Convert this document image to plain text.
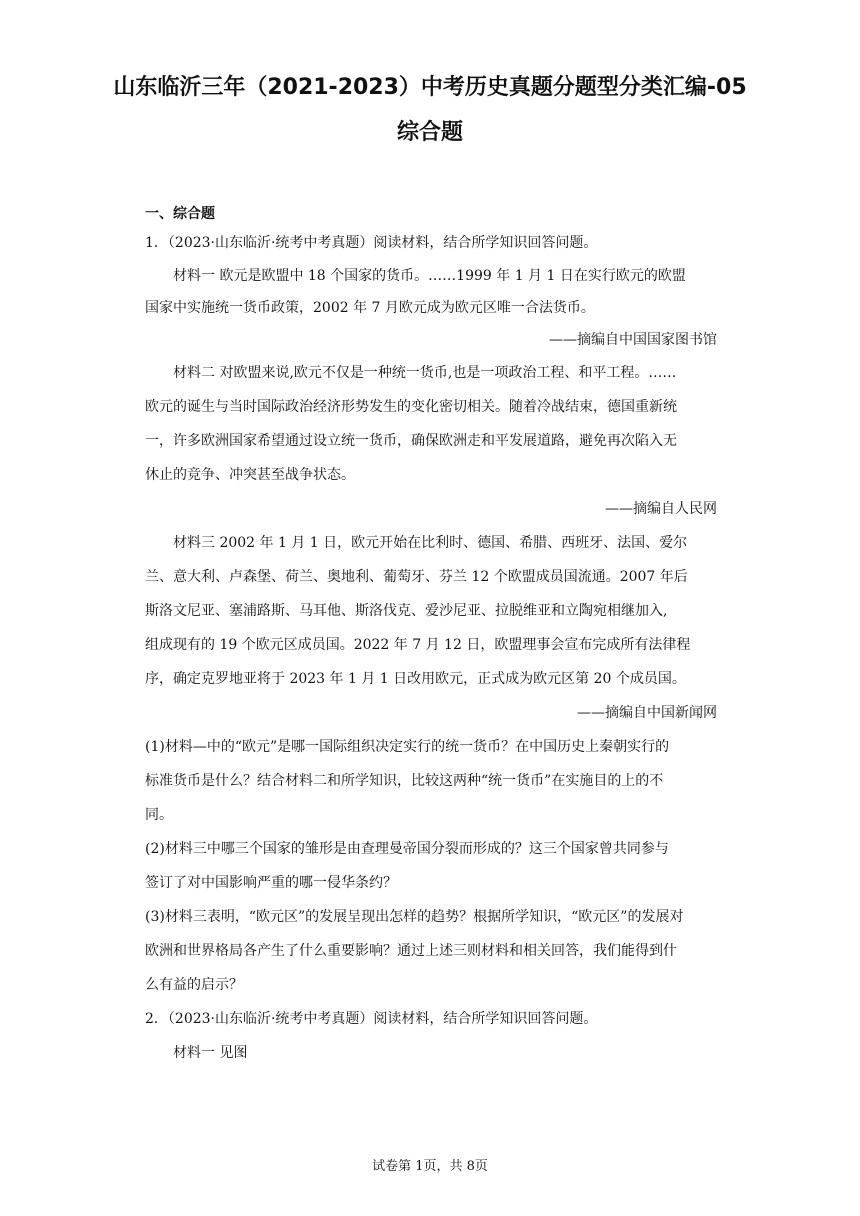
山东临沂三年（2021-2023）中考历史真题分题型分类汇编-05
综合题
一、综合题
1．（2023·山东临沂·统考中考真题）阅读材料，结合所学知识回答问题。
材料一 欧元是欧盟中 18 个国家的货币。……1999 年 1 月 1 日在实行欧元的欧盟
国家中实施统一货币政策，2002 年 7 月欧元成为欧元区唯一合法货币。
——摘编自中国国家图书馆
材料二 对欧盟来说,欧元不仅是一种统一货币,也是一项政治工程、和平工程。……
欧元的诞生与当时国际政治经济形势发生的变化密切相关。随着冷战结束，德国重新统
一，许多欧洲国家希望通过设立统一货币，确保欧洲走和平发展道路，避免再次陷入无
休止的竞争、冲突甚至战争状态。
——摘编自人民网
材料三 2002 年 1 月 1 日，欧元开始在比利时、德国、希腊、西班牙、法国、爱尔
兰、意大利、卢森堡、荷兰、奥地利、葡萄牙、芬兰 12 个欧盟成员国流通。2007 年后
斯洛文尼亚、塞浦路斯、马耳他、斯洛伐克、爱沙尼亚、拉脱维亚和立陶宛相继加入,
组成现有的 19 个欧元区成员国。2022 年 7 月 12 日，欧盟理事会宣布完成所有法律程
序，确定克罗地亚将于 2023 年 1 月 1 日改用欧元，正式成为欧元区第 20 个成员国。
——摘编自中国新闻网
(1)材料—中的“欧元”是哪一国际组织决定实行的统一货币？在中国历史上秦朝实行的
标准货币是什么？结合材料二和所学知识，比较这两种“统一货币”在实施目的上的不
同。
(2)材料三中哪三个国家的雏形是由查理曼帝国分裂而形成的？这三个国家曾共同参与
签订了对中国影响严重的哪一侵华条约？
(3)材料三表明，“欧元区”的发展呈现出怎样的趋势？根据所学知识，“欧元区”的发展对
欧洲和世界格局各产生了什么重要影响？通过上述三则材料和相关回答，我们能得到什
么有益的启示？
2．（2023·山东临沂·统考中考真题）阅读材料，结合所学知识回答问题。
材料一 见图
试卷第 1页，共 8页
